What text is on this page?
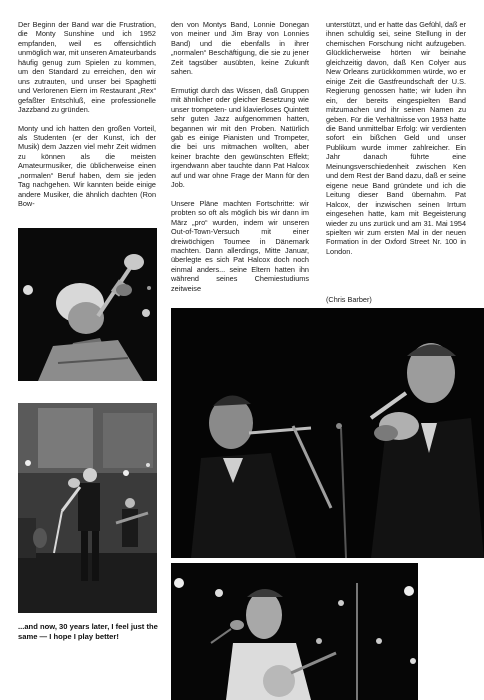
Der Beginn der Band war die Frustration, die Monty Sunshine und ich 1952 empfanden, weil es offensichtlich unmöglich war, mit unseren Amateurbands häufig genug zum Spielen zu kommen, um den Standard zu erreichen, den wir uns zutrauten, und unser bei Spaghetti und Verlorenen Eiern im Restaurant „Rex“ gefaßter Entschluß, eine professionelle Jazzband zu gründen.

Monty und ich hatten den großen Vorteil, als Studenten (er der Kunst, ich der Musik) dem Jazzen viel mehr Zeit widmen zu können als die meisten Amateurmusiker, die üblicherweise einen „normalen“ Beruf haben, dem sie jeden Tag nachgehen. Wir kannten beide einige andere Musiker, die ähnlich dachten (Ron Bow-

den von Montys Band, Lonnie Donegan von meiner und Jim Bray von Lonnies Band) und die ebenfalls in ihrer „normalen“ Beschäftigung, die sie zu jener Zeit tagsüber ausübten, keine Zukunft sahen.

Ermutigt durch das Wissen, daß Gruppen mit ähnlicher oder gleicher Besetzung wie unser trompeten- und klavierloses Quintett sehr guten Jazz aufgenommen hatten, begannen wir mit den Proben. Natürlich gab es einige Pianisten und Trompeter, die bei uns mitmachen wollten, aber keiner brachte den gewünschten Effekt; irgendwann aber tauchte dann Pat Halcox auf und war ohne Frage der Mann für den Job.

Unsere Pläne machten Fortschritte: wir probten so oft als möglich bis wir dann im März „pro“ wurden, indem wir unseren Out-of-Town-Versuch mit einer dreiwöchigen Tournee in Dänemark machten. Dann allerdings, Mitte Januar, überlegte es sich Pat Halcox doch noch einmal anders... seine Eltern hatten ihn während seines Chemiestudiums zeitweise

unterstützt, und er hatte das Gefühl, daß er ihnen schuldig sei, seine Stellung in der chemischen Forschung nicht aufzugeben. Glücklicherweise hörten wir beinahe gleichzeitig davon, daß Ken Colyer aus New Orleans zurückkommen würde, wo er einige Zeit die Gastfreundschaft der U.S. Regierung genossen hatte; wir luden ihn ein, der bereits eingespielten Band mitzumachen und ihr seinen Namen zu geben. Für die Verhältnisse von 1953 hatte die Band unmittelbar Erfolg: wir verdienten sofort ein bißchen Geld und unser Publikum wurde immer zahlreicher. Ein Jahr danach führte eine Meinungsverschiedenheit zwischen Ken und dem Rest der Band dazu, daß er seine eigene neue Band gründete und ich die Leitung dieser Band übernahm. Pat Halcox, der inzwischen seinen Irrtum eingesehen hatte, kam mit Begeisterung wieder zu uns zurück und am 31. Mai 1954 spielten wir zum ersten Mal in der neuen Formation in der Oxford Street Nr. 100 in London.

(Chris Barber)
...and now, 30 years later, I feel just the same — I hope I play better!
